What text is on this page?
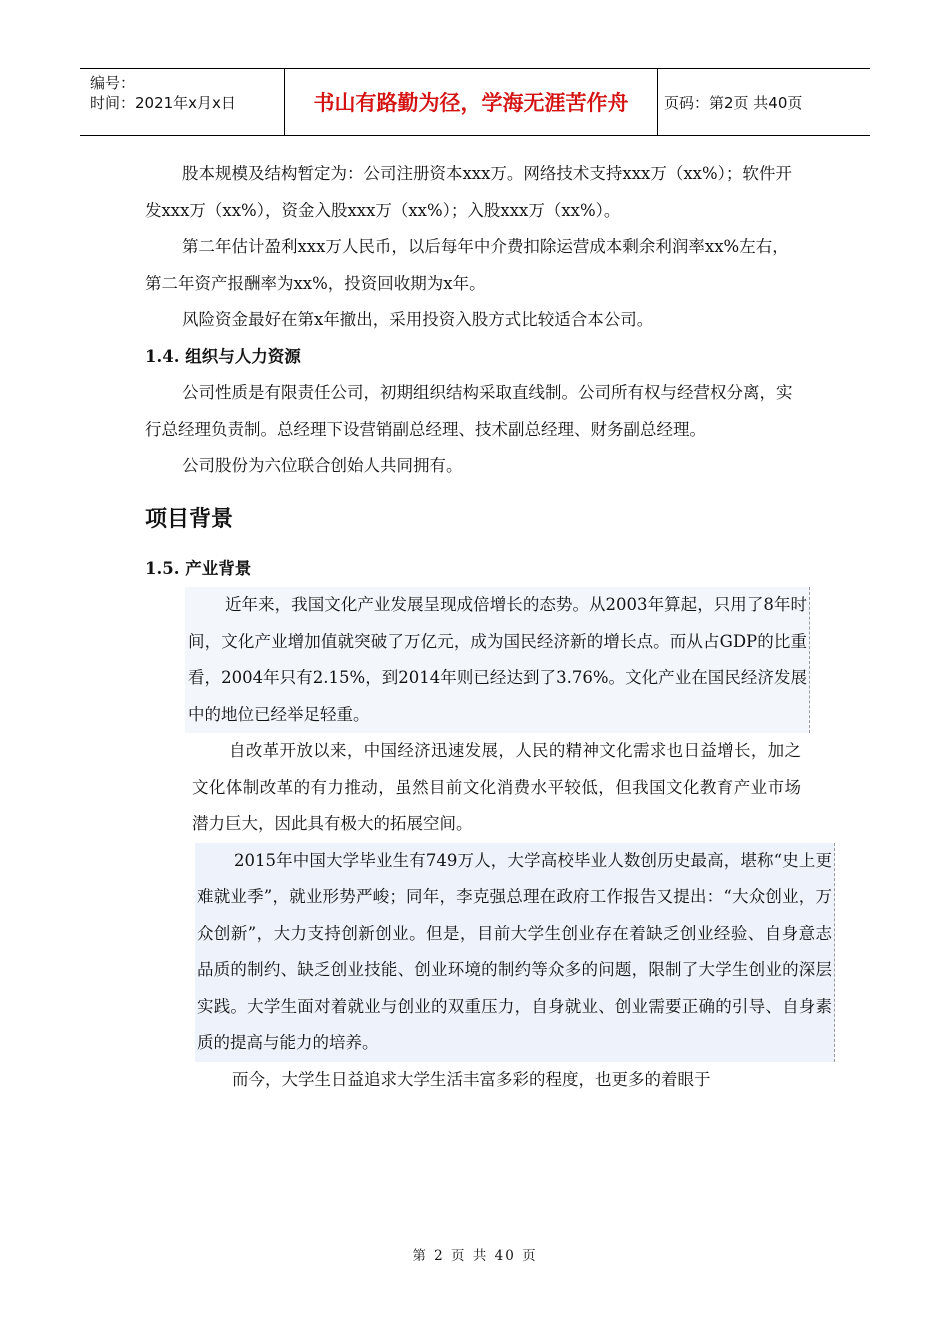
编号：
时间：2021年x月x日	书山有路勤为径，学海无涯苦作舟	页码：第2页 共40页

股本规模及结构暂定为：公司注册资本xxx万。网络技术支持xxx万（xx%）；软件开发xxx万（xx%），资金入股xxx万（xx%）；入股xxx万（xx%）。

第二年估计盈利xxx万人民币，以后每年中介费扣除运营成本剩余利润率xx%左右，第二年资产报酬率为xx%，投资回收期为x年。

风险资金最好在第x年撤出，采用投资入股方式比较适合本公司。

1.4. 组织与人力资源

公司性质是有限责任公司，初期组织结构采取直线制。公司所有权与经营权分离，实行总经理负责制。总经理下设营销副总经理、技术副总经理、财务副总经理。

公司股份为六位联合创始人共同拥有。

项目背景
1.5. 产业背景

近年来，我国文化产业发展呈现成倍增长的态势。从2003年算起，只用了8年时间，文化产业增加值就突破了万亿元，成为国民经济新的增长点。而从占GDP的比重看，2004年只有2.15%，到2014年则已经达到了3.76%。文化产业在国民经济发展中的地位已经举足轻重。

自改革开放以来，中国经济迅速发展，人民的精神文化需求也日益增长，加之文化体制改革的有力推动，虽然目前文化消费水平较低，但我国文化教育产业市场潜力巨大，因此具有极大的拓展空间。

2015年中国大学毕业生有749万人，大学高校毕业人数创历史最高，堪称“史上更难就业季”，就业形势严峻；同年，李克强总理在政府工作报告又提出：“大众创业，万众创新”，大力支持创新创业。但是，目前大学生创业存在着缺乏创业经验、自身意志品质的制约、缺乏创业技能、创业环境的制约等众多的问题，限制了大学生创业的深层实践。大学生面对着就业与创业的双重压力，自身就业、创业需要正确的引导、自身素质的提高与能力的培养。

而今，大学生日益追求大学生活丰富多彩的程度，也更多的着眼于

第 2 页 共 40 页
